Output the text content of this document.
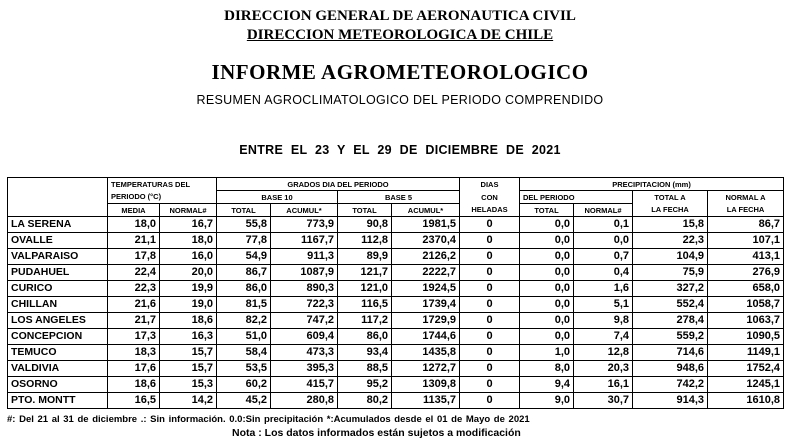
DIRECCION GENERAL DE AERONAUTICA CIVIL
DIRECCION METEOROLOGICA DE CHILE
INFORME AGROMETEOROLOGICO
RESUMEN AGROCLIMATOLOGICO DEL PERIODO COMPRENDIDO
ENTRE EL 23 Y EL 29 DE DICIEMBRE DE 2021
	TEMPERATURAS DEL		GRADOS DIA DEL PERIODO				DIAS	PRECIPITACION (mm)			
	PERIODO (°C)		BASE 10		BASE 5		CON	DEL PERIODO		TOTAL A	NORMAL A
	MEDIA	NORMAL#	TOTAL	ACUMUL*	TOTAL	ACUMUL*	HELADAS	TOTAL	NORMAL#	LA FECHA	LA FECHA
LA SERENA	18,0	16,7	55,8	773,9	90,8	1981,5	0	0,0	0,1	15,8	86,7
OVALLE	21,1	18,0	77,8	1167,7	112,8	2370,4	0	0,0	0,0	22,3	107,1
VALPARAISO	17,8	16,0	54,9	911,3	89,9	2126,2	0	0,0	0,7	104,9	413,1
PUDAHUEL	22,4	20,0	86,7	1087,9	121,7	2222,7	0	0,0	0,4	75,9	276,9
CURICO	22,3	19,9	86,0	890,3	121,0	1924,5	0	0,0	1,6	327,2	658,0
CHILLAN	21,6	19,0	81,5	722,3	116,5	1739,4	0	0,0	5,1	552,4	1058,7
LOS ANGELES	21,7	18,6	82,2	747,2	117,2	1729,9	0	0,0	9,8	278,4	1063,7
CONCEPCION	17,3	16,3	51,0	609,4	86,0	1744,6	0	0,0	7,4	559,2	1090,5
TEMUCO	18,3	15,7	58,4	473,3	93,4	1435,8	0	1,0	12,8	714,6	1149,1
VALDIVIA	17,6	15,7	53,5	395,3	88,5	1272,7	0	8,0	20,3	948,6	1752,4
OSORNO	18,6	15,3	60,2	415,7	95,2	1309,8	0	9,4	16,1	742,2	1245,1
PTO. MONTT	16,5	14,2	45,2	280,8	80,2	1135,7	0	9,0	30,7	914,3	1610,8
#: Del 21 al 31 de diciembre .: Sin información. 0.0:Sin precipitación *:Acumulados desde el 01 de Mayo de 2021
Nota : Los datos informados están sujetos a modificación
